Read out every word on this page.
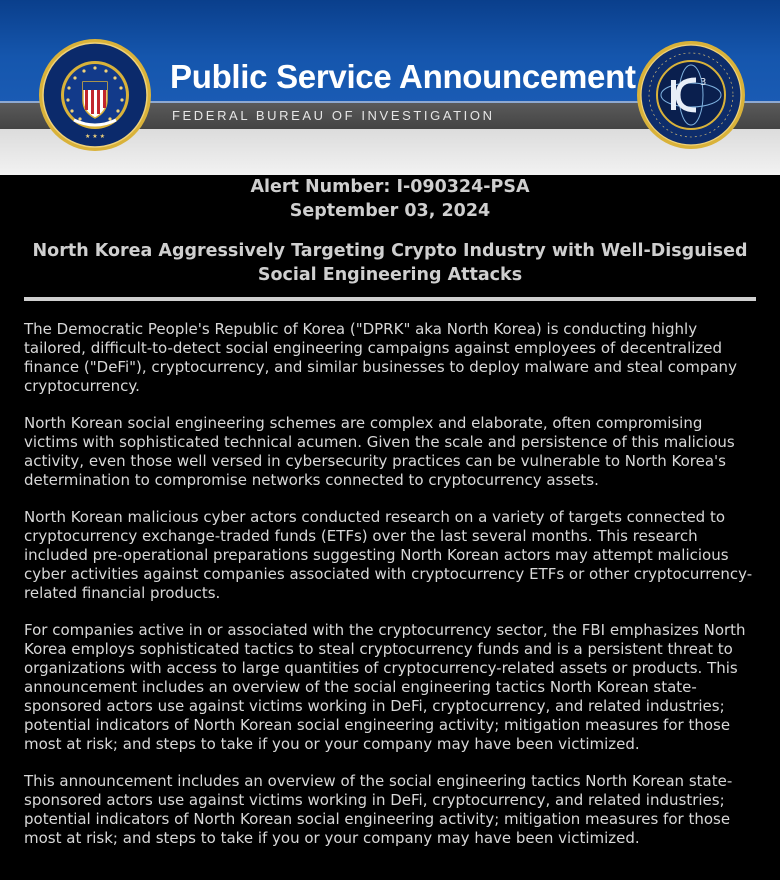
★ ★ ★
Public Service Announcement
FEDERAL BUREAU OF INVESTIGATION
3
Alert Number: I-090324-PSA
September 03, 2024
North Korea Aggressively Targeting Crypto Industry with Well-Disguised Social Engineering Attacks

The Democratic People's Republic of Korea ("DPRK" aka North Korea) is conducting highly tailored, difficult-to-detect social engineering campaigns against employees of decentralized finance ("DeFi"), cryptocurrency, and similar businesses to deploy malware and steal company cryptocurrency.

North Korean social engineering schemes are complex and elaborate, often compromising victims with sophisticated technical acumen. Given the scale and persistence of this malicious activity, even those well versed in cybersecurity practices can be vulnerable to North Korea's determination to compromise networks connected to cryptocurrency assets.

North Korean malicious cyber actors conducted research on a variety of targets connected to cryptocurrency exchange-traded funds (ETFs) over the last several months. This research included pre-operational preparations suggesting North Korean actors may attempt malicious cyber activities against companies associated with cryptocurrency ETFs or other cryptocurrency-related financial products.

For companies active in or associated with the cryptocurrency sector, the FBI emphasizes North Korea employs sophisticated tactics to steal cryptocurrency funds and is a persistent threat to organizations with access to large quantities of cryptocurrency-related assets or products. This announcement includes an overview of the social engineering tactics North Korean state-sponsored actors use against victims working in DeFi, cryptocurrency, and related industries; potential indicators of North Korean social engineering activity; mitigation measures for those most at risk; and steps to take if you or your company may have been victimized.

This announcement includes an overview of the social engineering tactics North Korean state-sponsored actors use against victims working in DeFi, cryptocurrency, and related industries; potential indicators of North Korean social engineering activity; mitigation measures for those most at risk; and steps to take if you or your company may have been victimized.
